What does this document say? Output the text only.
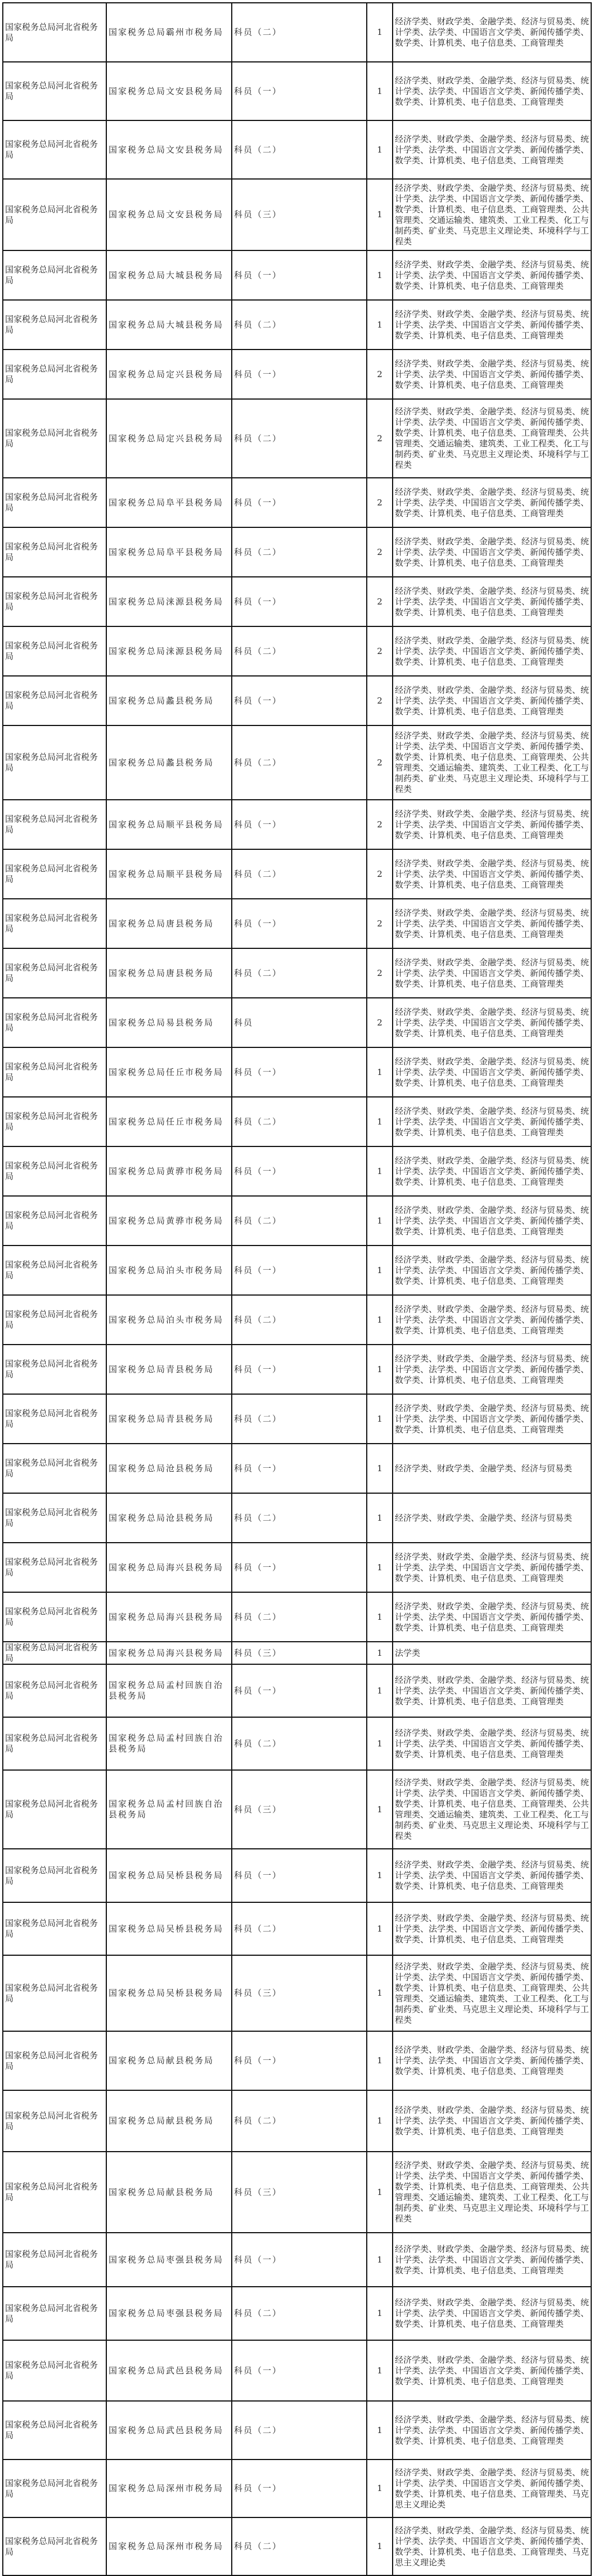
国家税务总局河北省税务局	国家税务总局霸州市税务局	科员（二）	1	经济学类、财政学类、金融学类、经济与贸易类、统计学类、法学类、中国语言文学类、新闻传播学类、数学类、计算机类、电子信息类、工商管理类
国家税务总局河北省税务局	国家税务总局文安县税务局	科员（一）	1	经济学类、财政学类、金融学类、经济与贸易类、统计学类、法学类、中国语言文学类、新闻传播学类、数学类、计算机类、电子信息类、工商管理类
国家税务总局河北省税务局	国家税务总局文安县税务局	科员（二）	1	经济学类、财政学类、金融学类、经济与贸易类、统计学类、法学类、中国语言文学类、新闻传播学类、数学类、计算机类、电子信息类、工商管理类
国家税务总局河北省税务局	国家税务总局文安县税务局	科员（三）	1	经济学类、财政学类、金融学类、经济与贸易类、统计学类、法学类、中国语言文学类、新闻传播学类、数学类、计算机类、电子信息类、工商管理类、公共管理类、交通运输类、建筑类、工业工程类、化工与制药类、矿业类、马克思主义理论类、环境科学与工程类
国家税务总局河北省税务局	国家税务总局大城县税务局	科员（一）	1	经济学类、财政学类、金融学类、经济与贸易类、统计学类、法学类、中国语言文学类、新闻传播学类、数学类、计算机类、电子信息类、工商管理类
国家税务总局河北省税务局	国家税务总局大城县税务局	科员（二）	1	经济学类、财政学类、金融学类、经济与贸易类、统计学类、法学类、中国语言文学类、新闻传播学类、数学类、计算机类、电子信息类、工商管理类
国家税务总局河北省税务局	国家税务总局定兴县税务局	科员（一）	2	经济学类、财政学类、金融学类、经济与贸易类、统计学类、法学类、中国语言文学类、新闻传播学类、数学类、计算机类、电子信息类、工商管理类
国家税务总局河北省税务局	国家税务总局定兴县税务局	科员（二）	2	经济学类、财政学类、金融学类、经济与贸易类、统计学类、法学类、中国语言文学类、新闻传播学类、数学类、计算机类、电子信息类、工商管理类、公共管理类、交通运输类、建筑类、工业工程类、化工与制药类、矿业类、马克思主义理论类、环境科学与工程类
国家税务总局河北省税务局	国家税务总局阜平县税务局	科员（一）	2	经济学类、财政学类、金融学类、经济与贸易类、统计学类、法学类、中国语言文学类、新闻传播学类、数学类、计算机类、电子信息类、工商管理类
国家税务总局河北省税务局	国家税务总局阜平县税务局	科员（二）	2	经济学类、财政学类、金融学类、经济与贸易类、统计学类、法学类、中国语言文学类、新闻传播学类、数学类、计算机类、电子信息类、工商管理类
国家税务总局河北省税务局	国家税务总局涞源县税务局	科员（一）	2	经济学类、财政学类、金融学类、经济与贸易类、统计学类、法学类、中国语言文学类、新闻传播学类、数学类、计算机类、电子信息类、工商管理类
国家税务总局河北省税务局	国家税务总局涞源县税务局	科员（二）	2	经济学类、财政学类、金融学类、经济与贸易类、统计学类、法学类、中国语言文学类、新闻传播学类、数学类、计算机类、电子信息类、工商管理类
国家税务总局河北省税务局	国家税务总局蠡县税务局	科员（一）	2	经济学类、财政学类、金融学类、经济与贸易类、统计学类、法学类、中国语言文学类、新闻传播学类、数学类、计算机类、电子信息类、工商管理类
国家税务总局河北省税务局	国家税务总局蠡县税务局	科员（二）	2	经济学类、财政学类、金融学类、经济与贸易类、统计学类、法学类、中国语言文学类、新闻传播学类、数学类、计算机类、电子信息类、工商管理类、公共管理类、交通运输类、建筑类、工业工程类、化工与制药类、矿业类、马克思主义理论类、环境科学与工程类
国家税务总局河北省税务局	国家税务总局顺平县税务局	科员（一）	2	经济学类、财政学类、金融学类、经济与贸易类、统计学类、法学类、中国语言文学类、新闻传播学类、数学类、计算机类、电子信息类、工商管理类
国家税务总局河北省税务局	国家税务总局顺平县税务局	科员（二）	2	经济学类、财政学类、金融学类、经济与贸易类、统计学类、法学类、中国语言文学类、新闻传播学类、数学类、计算机类、电子信息类、工商管理类
国家税务总局河北省税务局	国家税务总局唐县税务局	科员（一）	2	经济学类、财政学类、金融学类、经济与贸易类、统计学类、法学类、中国语言文学类、新闻传播学类、数学类、计算机类、电子信息类、工商管理类
国家税务总局河北省税务局	国家税务总局唐县税务局	科员（二）	2	经济学类、财政学类、金融学类、经济与贸易类、统计学类、法学类、中国语言文学类、新闻传播学类、数学类、计算机类、电子信息类、工商管理类
国家税务总局河北省税务局	国家税务总局易县税务局	科员	2	经济学类、财政学类、金融学类、经济与贸易类、统计学类、法学类、中国语言文学类、新闻传播学类、数学类、计算机类、电子信息类、工商管理类
国家税务总局河北省税务局	国家税务总局任丘市税务局	科员（一）	1	经济学类、财政学类、金融学类、经济与贸易类、统计学类、法学类、中国语言文学类、新闻传播学类、数学类、计算机类、电子信息类、工商管理类
国家税务总局河北省税务局	国家税务总局任丘市税务局	科员（二）	1	经济学类、财政学类、金融学类、经济与贸易类、统计学类、法学类、中国语言文学类、新闻传播学类、数学类、计算机类、电子信息类、工商管理类
国家税务总局河北省税务局	国家税务总局黄骅市税务局	科员（一）	1	经济学类、财政学类、金融学类、经济与贸易类、统计学类、法学类、中国语言文学类、新闻传播学类、数学类、计算机类、电子信息类、工商管理类
国家税务总局河北省税务局	国家税务总局黄骅市税务局	科员（二）	1	经济学类、财政学类、金融学类、经济与贸易类、统计学类、法学类、中国语言文学类、新闻传播学类、数学类、计算机类、电子信息类、工商管理类
国家税务总局河北省税务局	国家税务总局泊头市税务局	科员（一）	1	经济学类、财政学类、金融学类、经济与贸易类、统计学类、法学类、中国语言文学类、新闻传播学类、数学类、计算机类、电子信息类、工商管理类
国家税务总局河北省税务局	国家税务总局泊头市税务局	科员（二）	1	经济学类、财政学类、金融学类、经济与贸易类、统计学类、法学类、中国语言文学类、新闻传播学类、数学类、计算机类、电子信息类、工商管理类
国家税务总局河北省税务局	国家税务总局青县税务局	科员（一）	1	经济学类、财政学类、金融学类、经济与贸易类、统计学类、法学类、中国语言文学类、新闻传播学类、数学类、计算机类、电子信息类、工商管理类
国家税务总局河北省税务局	国家税务总局青县税务局	科员（二）	1	经济学类、财政学类、金融学类、经济与贸易类、统计学类、法学类、中国语言文学类、新闻传播学类、数学类、计算机类、电子信息类、工商管理类
国家税务总局河北省税务局	国家税务总局沧县税务局	科员（一）	1	经济学类、财政学类、金融学类、经济与贸易类
国家税务总局河北省税务局	国家税务总局沧县税务局	科员（二）	1	经济学类、财政学类、金融学类、经济与贸易类
国家税务总局河北省税务局	国家税务总局海兴县税务局	科员（一）	1	经济学类、财政学类、金融学类、经济与贸易类、统计学类、法学类、中国语言文学类、新闻传播学类、数学类、计算机类、电子信息类、工商管理类
国家税务总局河北省税务局	国家税务总局海兴县税务局	科员（二）	1	经济学类、财政学类、金融学类、经济与贸易类、统计学类、法学类、中国语言文学类、新闻传播学类、数学类、计算机类、电子信息类、工商管理类
国家税务总局河北省税务局	国家税务总局海兴县税务局	科员（三）	1	法学类
国家税务总局河北省税务局	国家税务总局孟村回族自治县税务局	科员（一）	1	经济学类、财政学类、金融学类、经济与贸易类、统计学类、法学类、中国语言文学类、新闻传播学类、数学类、计算机类、电子信息类、工商管理类
国家税务总局河北省税务局	国家税务总局孟村回族自治县税务局	科员（二）	1	经济学类、财政学类、金融学类、经济与贸易类、统计学类、法学类、中国语言文学类、新闻传播学类、数学类、计算机类、电子信息类、工商管理类
国家税务总局河北省税务局	国家税务总局孟村回族自治县税务局	科员（三）	1	经济学类、财政学类、金融学类、经济与贸易类、统计学类、法学类、中国语言文学类、新闻传播学类、数学类、计算机类、电子信息类、工商管理类、公共管理类、交通运输类、建筑类、工业工程类、化工与制药类、矿业类、马克思主义理论类、环境科学与工程类
国家税务总局河北省税务局	国家税务总局吴桥县税务局	科员（一）	1	经济学类、财政学类、金融学类、经济与贸易类、统计学类、法学类、中国语言文学类、新闻传播学类、数学类、计算机类、电子信息类、工商管理类
国家税务总局河北省税务局	国家税务总局吴桥县税务局	科员（二）	1	经济学类、财政学类、金融学类、经济与贸易类、统计学类、法学类、中国语言文学类、新闻传播学类、数学类、计算机类、电子信息类、工商管理类
国家税务总局河北省税务局	国家税务总局吴桥县税务局	科员（三）	1	经济学类、财政学类、金融学类、经济与贸易类、统计学类、法学类、中国语言文学类、新闻传播学类、数学类、计算机类、电子信息类、工商管理类、公共管理类、交通运输类、建筑类、工业工程类、化工与制药类、矿业类、马克思主义理论类、环境科学与工程类
国家税务总局河北省税务局	国家税务总局献县税务局	科员（一）	1	经济学类、财政学类、金融学类、经济与贸易类、统计学类、法学类、中国语言文学类、新闻传播学类、数学类、计算机类、电子信息类、工商管理类
国家税务总局河北省税务局	国家税务总局献县税务局	科员（二）	1	经济学类、财政学类、金融学类、经济与贸易类、统计学类、法学类、中国语言文学类、新闻传播学类、数学类、计算机类、电子信息类、工商管理类
国家税务总局河北省税务局	国家税务总局献县税务局	科员（三）	1	经济学类、财政学类、金融学类、经济与贸易类、统计学类、法学类、中国语言文学类、新闻传播学类、数学类、计算机类、电子信息类、工商管理类、公共管理类、交通运输类、建筑类、工业工程类、化工与制药类、矿业类、马克思主义理论类、环境科学与工程类
国家税务总局河北省税务局	国家税务总局枣强县税务局	科员（一）	1	经济学类、财政学类、金融学类、经济与贸易类、统计学类、法学类、中国语言文学类、新闻传播学类、数学类、计算机类、电子信息类、工商管理类
国家税务总局河北省税务局	国家税务总局枣强县税务局	科员（二）	1	经济学类、财政学类、金融学类、经济与贸易类、统计学类、法学类、中国语言文学类、新闻传播学类、数学类、计算机类、电子信息类、工商管理类
国家税务总局河北省税务局	国家税务总局武邑县税务局	科员（一）	1	经济学类、财政学类、金融学类、经济与贸易类、统计学类、法学类、中国语言文学类、新闻传播学类、数学类、计算机类、电子信息类、工商管理类
国家税务总局河北省税务局	国家税务总局武邑县税务局	科员（二）	1	经济学类、财政学类、金融学类、经济与贸易类、统计学类、法学类、中国语言文学类、新闻传播学类、数学类、计算机类、电子信息类、工商管理类
国家税务总局河北省税务局	国家税务总局深州市税务局	科员（一）	1	经济学类、财政学类、金融学类、经济与贸易类、统计学类、法学类、中国语言文学类、新闻传播学类、数学类、计算机类、电子信息类、工商管理类、马克思主义理论类
国家税务总局河北省税务局	国家税务总局深州市税务局	科员（二）	1	经济学类、财政学类、金融学类、经济与贸易类、统计学类、法学类、中国语言文学类、新闻传播学类、数学类、计算机类、电子信息类、工商管理类、马克思主义理论类
